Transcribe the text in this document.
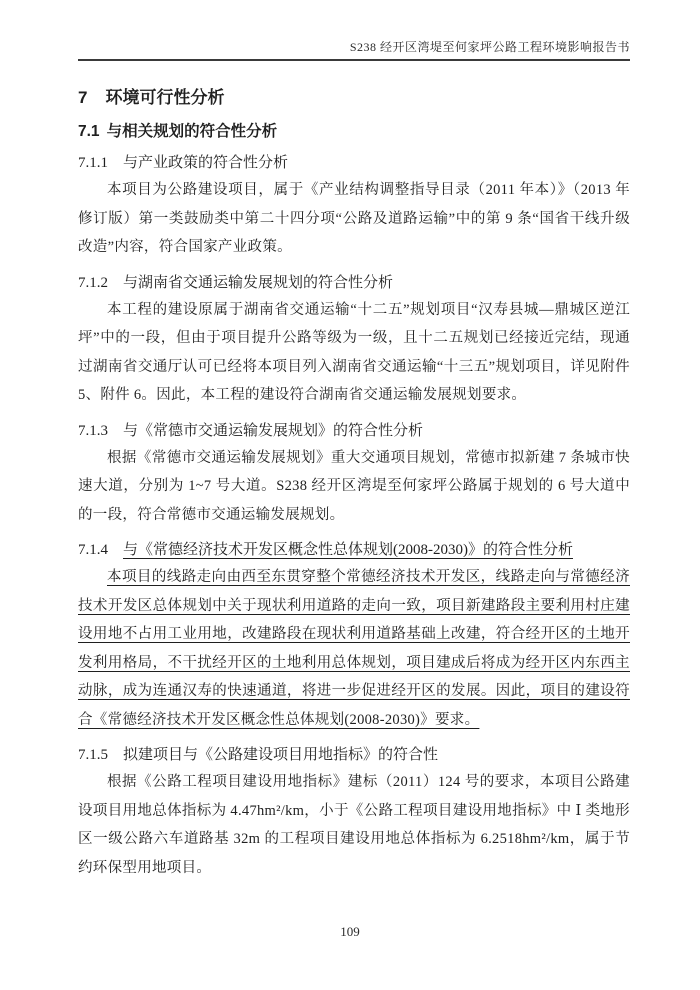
S238 经开区湾堤至何家坪公路工程环境影响报告书
7 环境可行性分析
7.1 与相关规划的符合性分析
7.1.1 与产业政策的符合性分析

本项目为公路建设项目，属于《产业结构调整指导目录（2011 年本）》（2013 年修订版）第一类鼓励类中第二十四分项“公路及道路运输”中的第 9 条“国省干线升级改造”内容，符合国家产业政策。

7.1.2 与湖南省交通运输发展规划的符合性分析

本工程的建设原属于湖南省交通运输“十二五”规划项目“汉寿县城—鼎城区逆江坪”中的一段，但由于项目提升公路等级为一级，且十二五规划已经接近完结，现通过湖南省交通厅认可已经将本项目列入湖南省交通运输“十三五”规划项目，详见附件 5、附件 6。因此，本工程的建设符合湖南省交通运输发展规划要求。

7.1.3 与《常德市交通运输发展规划》的符合性分析

根据《常德市交通运输发展规划》重大交通项目规划，常德市拟新建 7 条城市快速大道，分别为 1~7 号大道。S238 经开区湾堤至何家坪公路属于规划的 6 号大道中的一段，符合常德市交通运输发展规划。

7.1.4 与《常德经济技术开发区概念性总体规划(2008-2030)》的符合性分析

本项目的线路走向由西至东贯穿整个常德经济技术开发区，线路走向与常德经济技术开发区总体规划中关于现状利用道路的走向一致，项目新建路段主要利用村庄建设用地不占用工业用地，改建路段在现状利用道路基础上改建，符合经开区的土地开发利用格局，不干扰经开区的土地利用总体规划，项目建成后将成为经开区内东西主动脉，成为连通汉寿的快速通道，将进一步促进经开区的发展。因此，项目的建设符合《常德经济技术开发区概念性总体规划(2008-2030)》要求。

7.1.5 拟建项目与《公路建设项目用地指标》的符合性

根据《公路工程项目建设用地指标》建标（2011）124 号的要求，本项目公路建设项目用地总体指标为 4.47hm²/km，小于《公路工程项目建设用地指标》中 Ⅰ 类地形区一级公路六车道路基 32m 的工程项目建设用地总体指标为 6.2518hm²/km，属于节约环保型用地项目。

109
